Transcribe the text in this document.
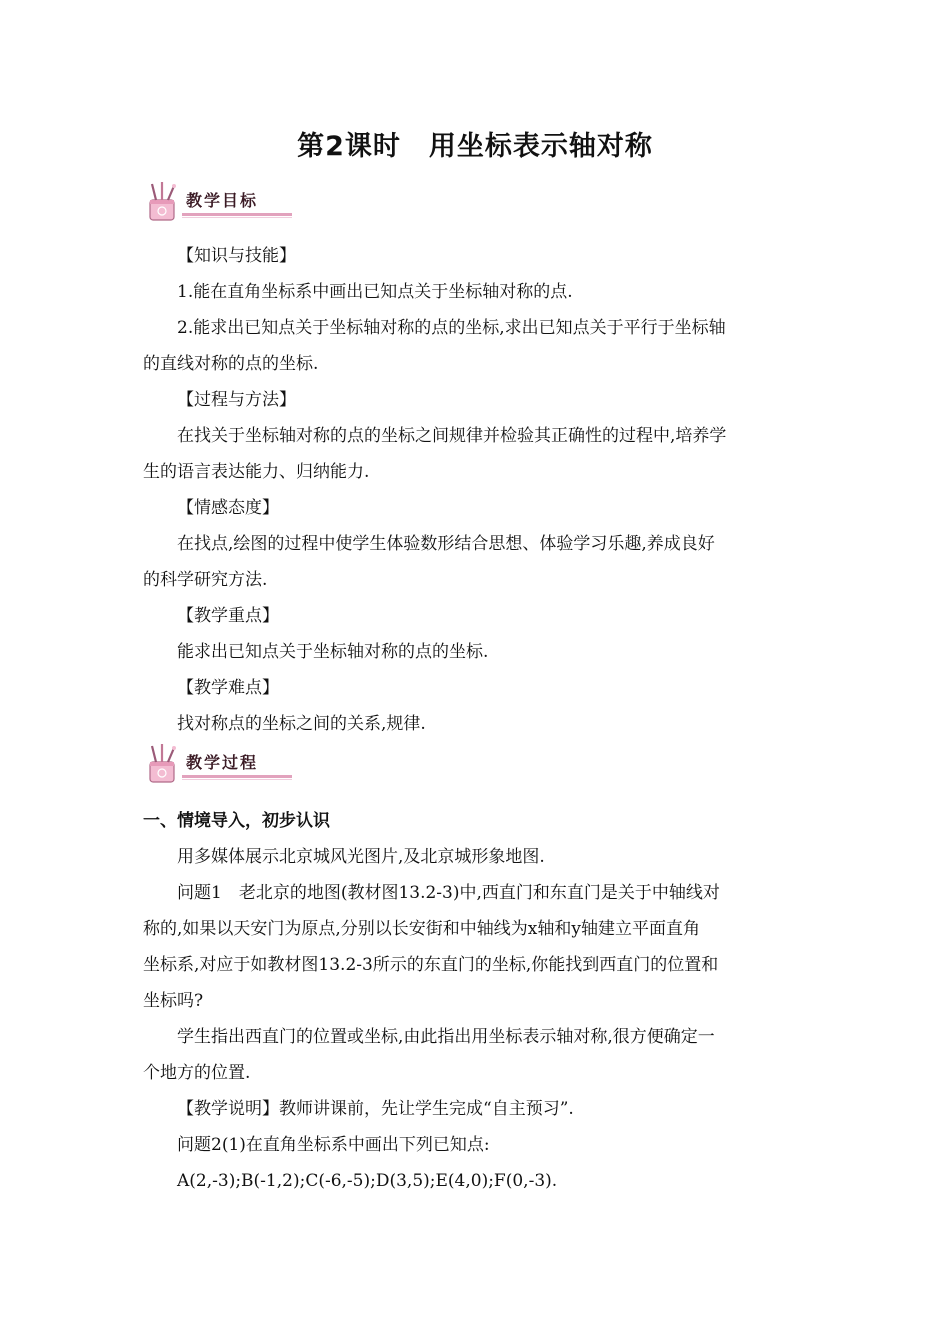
第2课时　用坐标表示轴对称
教学目标
【知识与技能】
1.能在直角坐标系中画出已知点关于坐标轴对称的点.
2.能求出已知点关于坐标轴对称的点的坐标,求出已知点关于平行于坐标轴
的直线对称的点的坐标.
【过程与方法】
在找关于坐标轴对称的点的坐标之间规律并检验其正确性的过程中,培养学
生的语言表达能力、归纳能力.
【情感态度】
在找点,绘图的过程中使学生体验数形结合思想、体验学习乐趣,养成良好
的科学研究方法.
【教学重点】
能求出已知点关于坐标轴对称的点的坐标.
【教学难点】
找对称点的坐标之间的关系,规律.
教学过程
一、情境导入，初步认识
用多媒体展示北京城风光图片,及北京城形象地图.
问题1　老北京的地图(教材图13.2-3)中,西直门和东直门是关于中轴线对
称的,如果以天安门为原点,分别以长安街和中轴线为x轴和y轴建立平面直角
坐标系,对应于如教材图13.2-3所示的东直门的坐标,你能找到西直门的位置和
坐标吗?
学生指出西直门的位置或坐标,由此指出用坐标表示轴对称,很方便确定一
个地方的位置.
【教学说明】教师讲课前，先让学生完成“自主预习”.
问题2(1)在直角坐标系中画出下列已知点:
A(2,-3);B(-1,2);C(-6,-5);D(3,5);E(4,0);F(0,-3).
